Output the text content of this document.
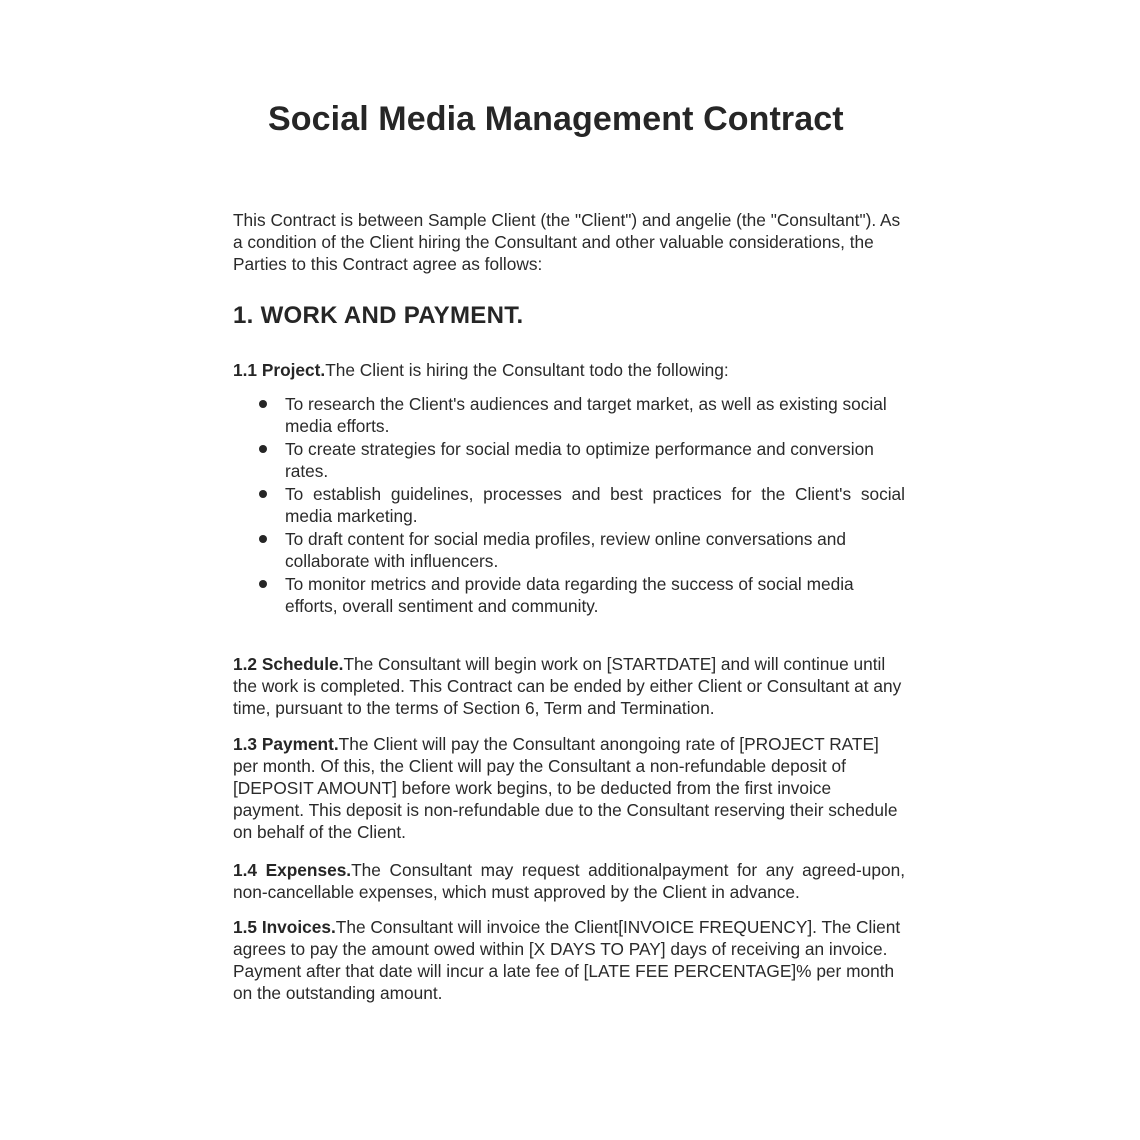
Social Media Management Contract

This Contract is between Sample Client (the "Client") and angelie (the "Consultant"). As a condition of the Client hiring the Consultant and other valuable considerations, the Parties to this Contract agree as follows:

1. WORK AND PAYMENT.

1.1 Project.The Client is hiring the Consultant todo the following:

To research the Client's audiences and target market, as well as existing social media efforts.
To create strategies for social media to optimize performance and conversion rates.
To establish guidelines, processes and best practices for the Client's social media marketing.
To draft content for social media profiles, review online conversations and collaborate with influencers.
To monitor metrics and provide data regarding the success of social media efforts, overall sentiment and community.

1.2 Schedule.The Consultant will begin work on [STARTDATE] and will continue until the work is completed. This Contract can be ended by either Client or Consultant at any time, pursuant to the terms of Section 6, Term and Termination.

1.3 Payment.The Client will pay the Consultant anongoing rate of [PROJECT RATE] per month. Of this, the Client will pay the Consultant a non-refundable deposit of [DEPOSIT AMOUNT] before work begins, to be deducted from the first invoice payment. This deposit is non-refundable due to the Consultant reserving their schedule on behalf of the Client.

1.4 Expenses.The Consultant may request additionalpayment for any agreed-upon, non-cancellable expenses, which must approved by the Client in advance.

1.5 Invoices.The Consultant will invoice the Client[INVOICE FREQUENCY]. The Client agrees to pay the amount owed within [X DAYS TO PAY] days of receiving an invoice. Payment after that date will incur a late fee of [LATE FEE PERCENTAGE]% per month on the outstanding amount.
